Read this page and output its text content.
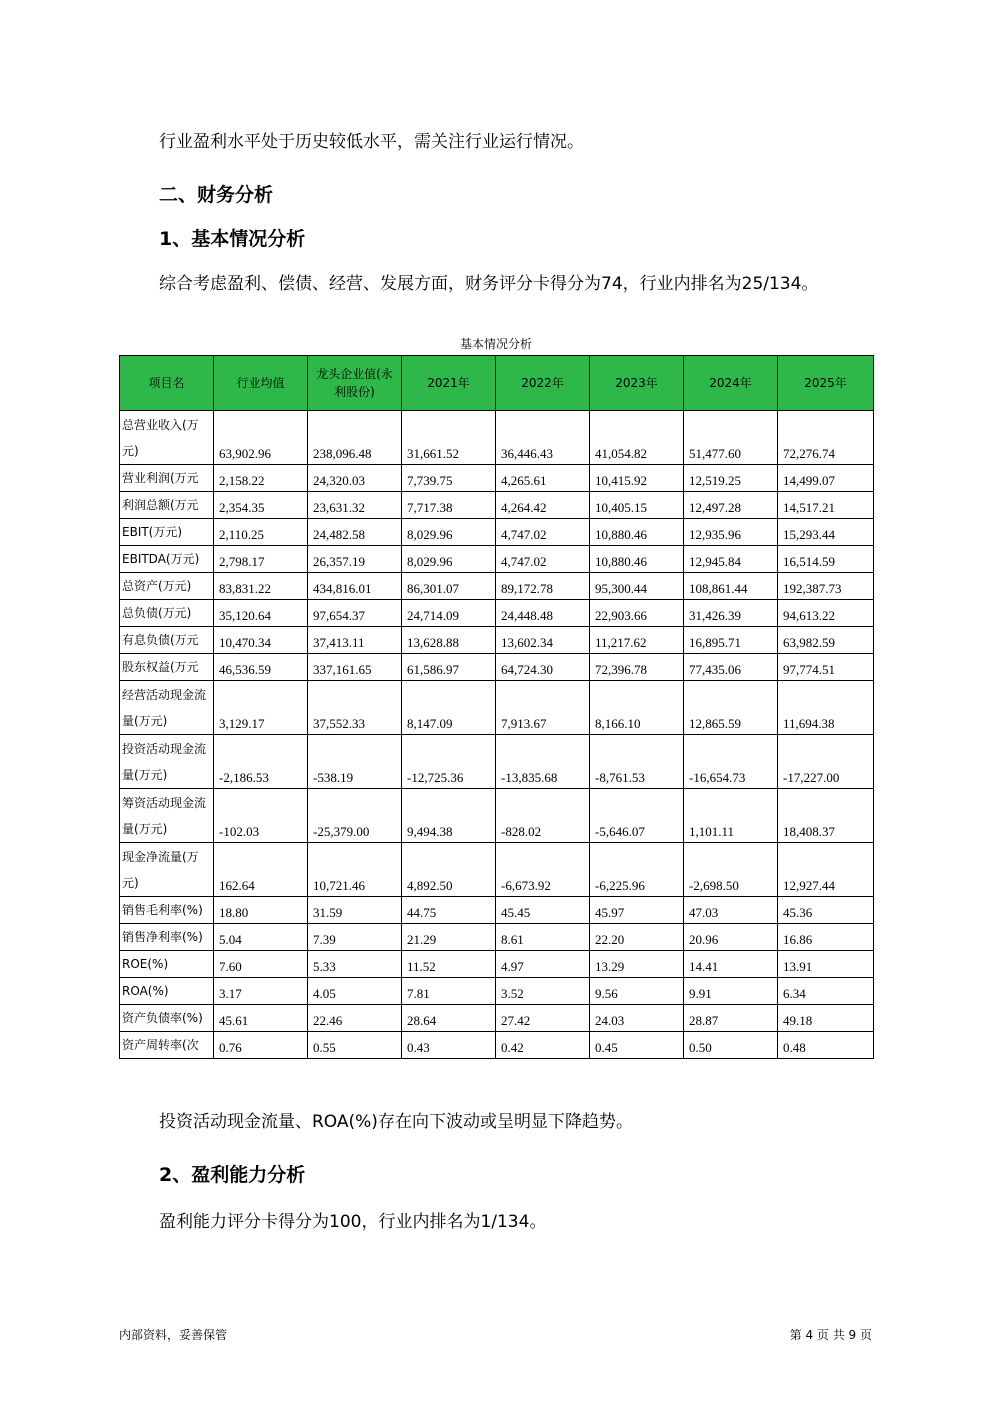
行业盈利水平处于历史较低水平，需关注行业运行情况。

二、财务分析
1、基本情况分析

综合考虑盈利、偿债、经营、发展方面，财务评分卡得分为74，行业内排名为25/134。

基本情况分析
项目名	行业均值	龙头企业值(永利股份)	2021年	2022年	2023年	2024年	2025年
总营业收入(万元)	63,902.96	238,096.48	31,661.52	36,446.43	41,054.82	51,477.60	72,276.74
营业利润(万元	2,158.22	24,320.03	7,739.75	4,265.61	10,415.92	12,519.25	14,499.07
利润总额(万元	2,354.35	23,631.32	7,717.38	4,264.42	10,405.15	12,497.28	14,517.21
EBIT(万元)	2,110.25	24,482.58	8,029.96	4,747.02	10,880.46	12,935.96	15,293.44
EBITDA(万元)	2,798.17	26,357.19	8,029.96	4,747.02	10,880.46	12,945.84	16,514.59
总资产(万元)	83,831.22	434,816.01	86,301.07	89,172.78	95,300.44	108,861.44	192,387.73
总负债(万元)	35,120.64	97,654.37	24,714.09	24,448.48	22,903.66	31,426.39	94,613.22
有息负债(万元	10,470.34	37,413.11	13,628.88	13,602.34	11,217.62	16,895.71	63,982.59
股东权益(万元	46,536.59	337,161.65	61,586.97	64,724.30	72,396.78	77,435.06	97,774.51
经营活动现金流量(万元)	3,129.17	37,552.33	8,147.09	7,913.67	8,166.10	12,865.59	11,694.38
投资活动现金流量(万元)	-2,186.53	-538.19	-12,725.36	-13,835.68	-8,761.53	-16,654.73	-17,227.00
筹资活动现金流量(万元)	-102.03	-25,379.00	9,494.38	-828.02	-5,646.07	1,101.11	18,408.37
现金净流量(万元)	162.64	10,721.46	4,892.50	-6,673.92	-6,225.96	-2,698.50	12,927.44
销售毛利率(%)	18.80	31.59	44.75	45.45	45.97	47.03	45.36
销售净利率(%)	5.04	7.39	21.29	8.61	22.20	20.96	16.86
ROE(%)	7.60	5.33	11.52	4.97	13.29	14.41	13.91
ROA(%)	3.17	4.05	7.81	3.52	9.56	9.91	6.34
资产负债率(%)	45.61	22.46	28.64	27.42	24.03	28.87	49.18
资产周转率(次	0.76	0.55	0.43	0.42	0.45	0.50	0.48

投资活动现金流量、ROA(%)存在向下波动或呈明显下降趋势。

2、盈利能力分析

盈利能力评分卡得分为100，行业内排名为1/134。

内部资料，妥善保管	第 4 页 共 9 页
